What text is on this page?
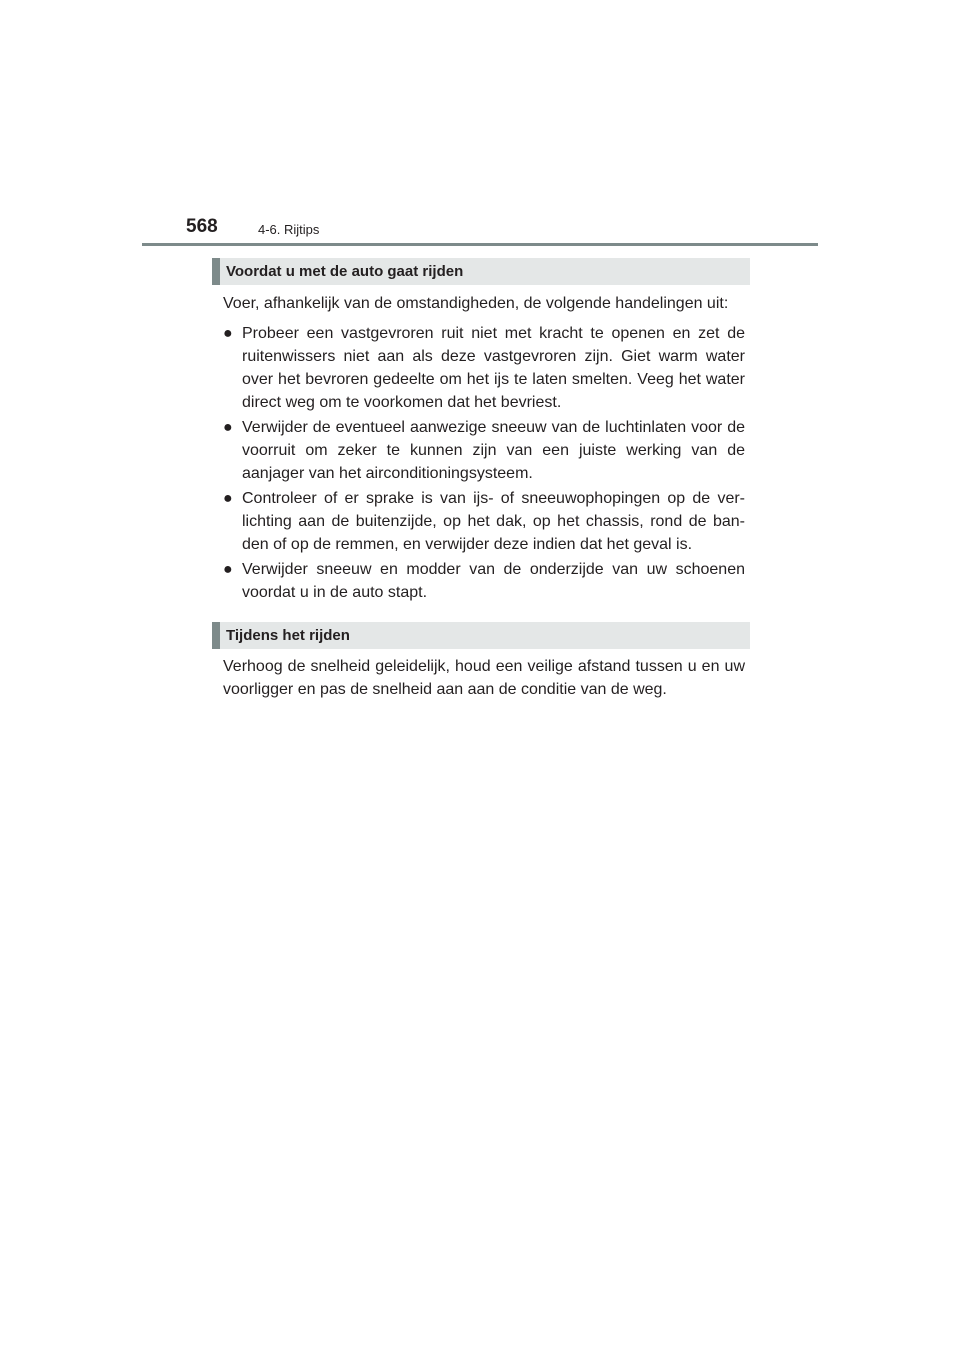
568	4-6. Rijtips
Voordat u met de auto gaat rijden

Voer, afhankelijk van de omstandigheden, de volgende handelingen uit:

● Probeer een vastgevroren ruit niet met kracht te openen en zet de ruitenwissers niet aan als deze vastgevroren zijn. Giet warm water over het bevroren gedeelte om het ijs te laten smelten. Veeg het water direct weg om te voorkomen dat het bevriest.
● Verwijder de eventueel aanwezige sneeuw van de luchtinlaten voor de voorruit om zeker te kunnen zijn van een juiste werking van de aanjager van het airconditioningsysteem.
● Controleer of er sprake is van ijs- of sneeuwophopingen op de ver-lichting aan de buitenzijde, op het dak, op het chassis, rond de ban-den of op de remmen, en verwijder deze indien dat het geval is.
● Verwijder sneeuw en modder van de onderzijde van uw schoenen voordat u in de auto stapt.
Tijdens het rijden

Verhoog de snelheid geleidelijk, houd een veilige afstand tussen u en uw voorligger en pas de snelheid aan aan de conditie van de weg.
